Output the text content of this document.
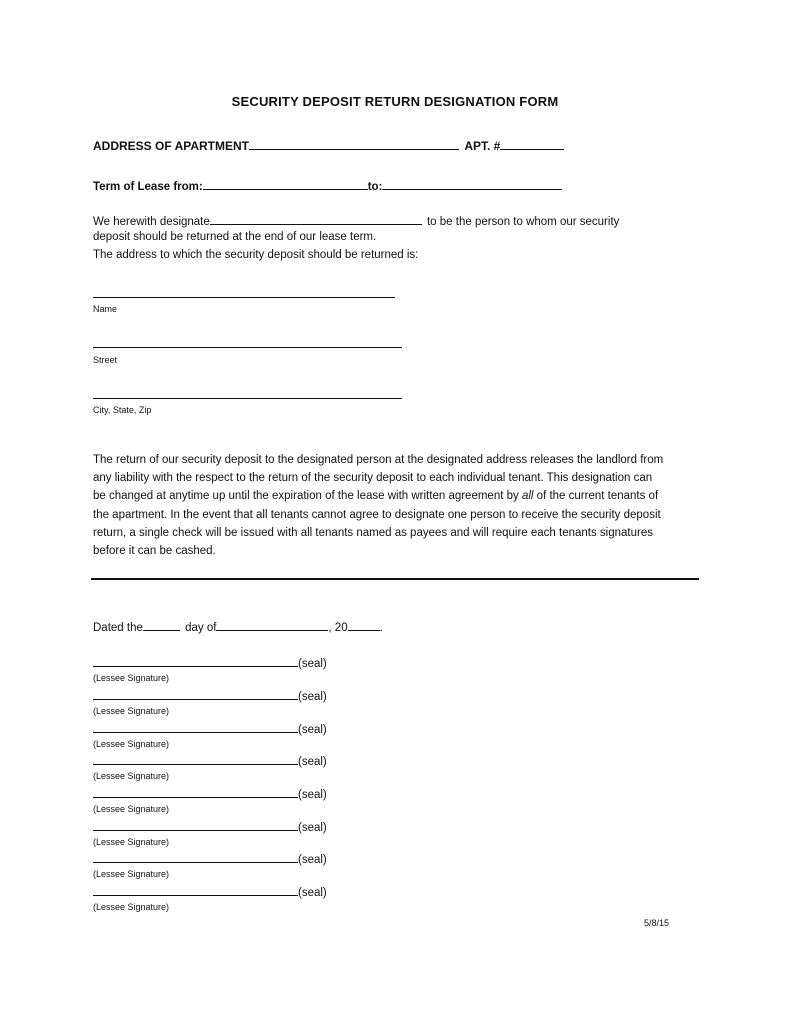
SECURITY DEPOSIT RETURN DESIGNATION FORM
ADDRESS OF APARTMENT	APT. #
Term of Lease from:	to:
We herewith designate	to be the person to whom our security
deposit should be returned at the end of our lease term.
The address to which the security deposit should be returned is:
Name
Street
City, State, Zip
The return of our security deposit to the designated person at the designated address releases the landlord from
any liability with the respect to the return of the security deposit to each individual tenant. This designation can
be changed at anytime up until the expiration of the lease with written agreement by all of the current tenants of
the apartment. In the event that all tenants cannot agree to designate one person to receive the security deposit
return, a single check will be issued with all tenants named as payees and will require each tenants signatures
before it can be cashed.
Dated the	day of	, 20	.
(seal)
(Lessee Signature)
(seal)
(Lessee Signature)
(seal)
(Lessee Signature)
(seal)
(Lessee Signature)
(seal)
(Lessee Signature)
(seal)
(Lessee Signature)
(seal)
(Lessee Signature)
(seal)
(Lessee Signature)
5/8/15
